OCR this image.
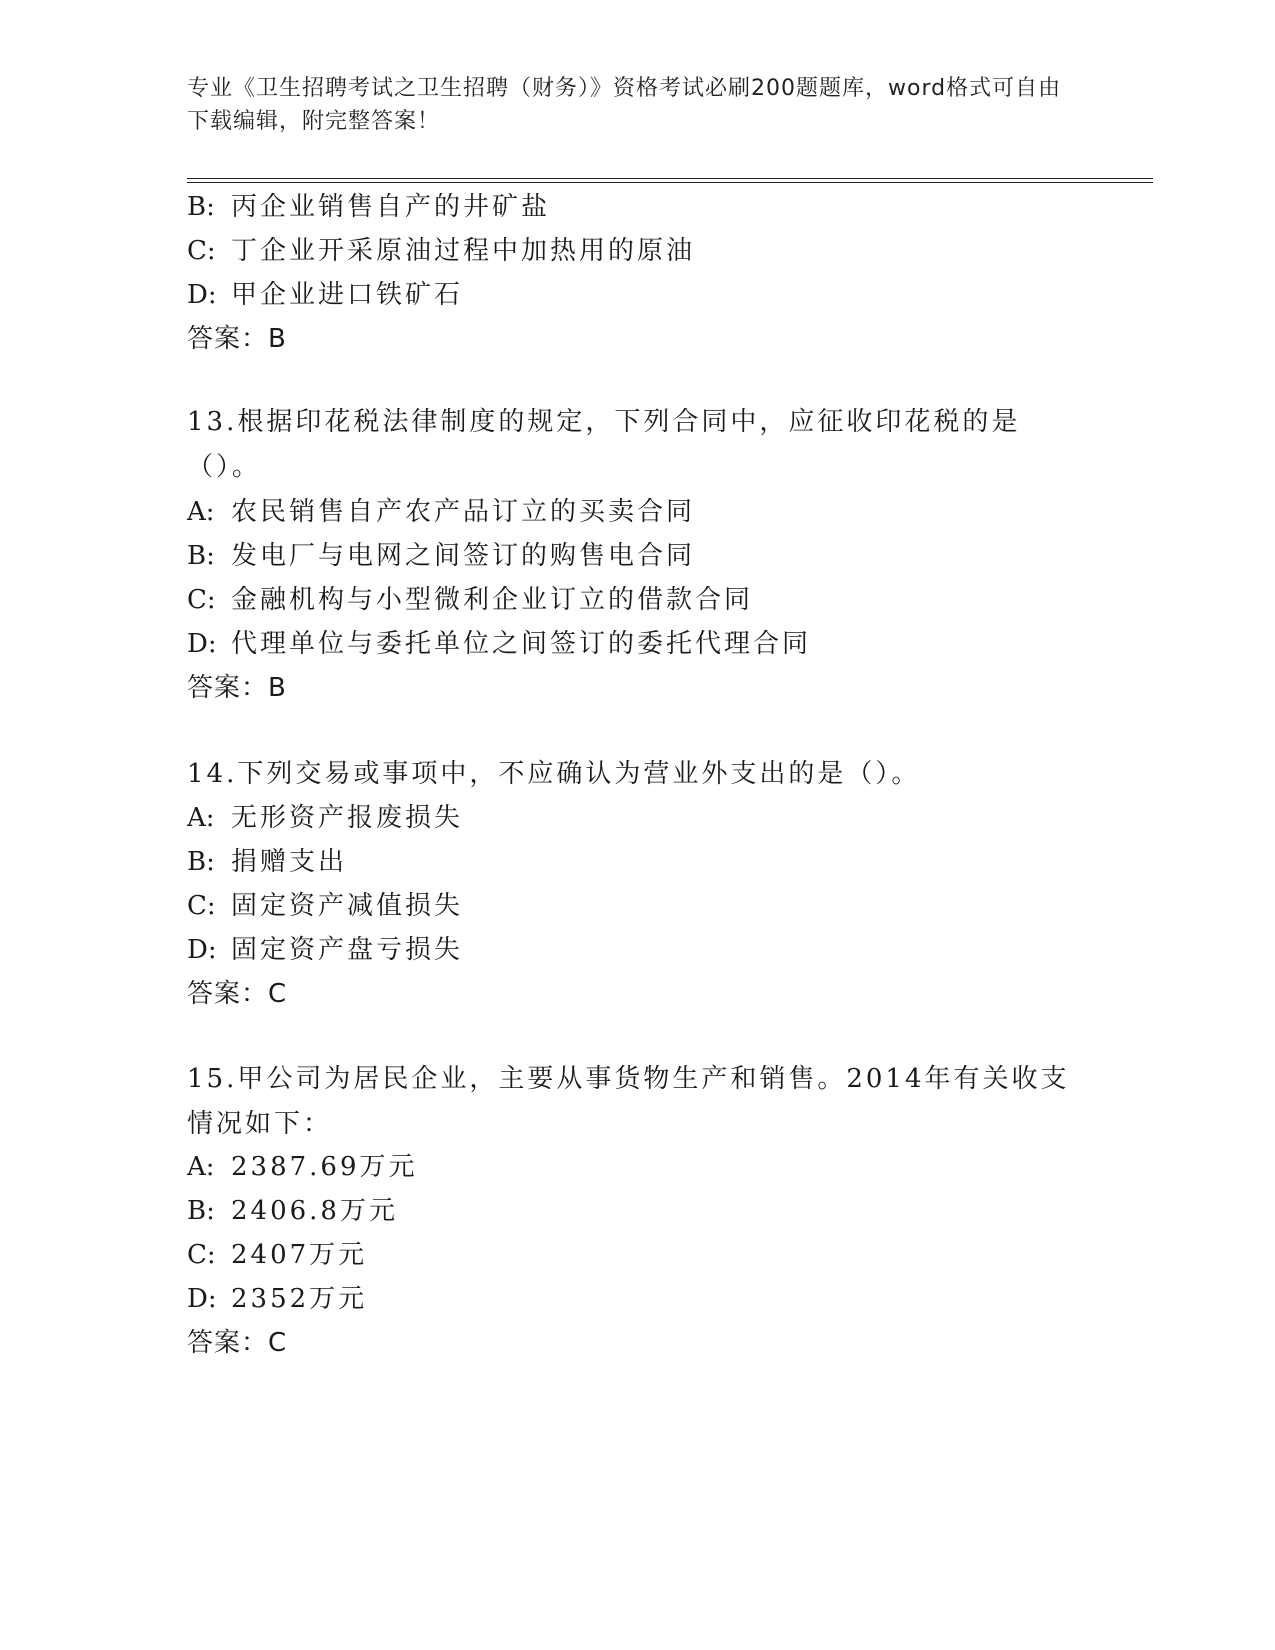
专业《卫生招聘考试之卫生招聘（财务）》资格考试必刷200题题库，word格式可自由下载编辑，附完整答案！
B: 丙企业销售自产的井矿盐
C: 丁企业开采原油过程中加热用的原油
D: 甲企业进口铁矿石
答案：B
13.根据印花税法律制度的规定，下列合同中，应征收印花税的是（）。
A: 农民销售自产农产品订立的买卖合同
B: 发电厂与电网之间签订的购售电合同
C: 金融机构与小型微利企业订立的借款合同
D: 代理单位与委托单位之间签订的委托代理合同
答案：B
14.下列交易或事项中，不应确认为营业外支出的是（）。
A: 无形资产报废损失
B: 捐赠支出
C: 固定资产减值损失
D: 固定资产盘亏损失
答案：C
15.甲公司为居民企业，主要从事货物生产和销售。2014年有关收支情况如下：
A: 2387.69万元
B: 2406.8万元
C: 2407万元
D: 2352万元
答案：C
